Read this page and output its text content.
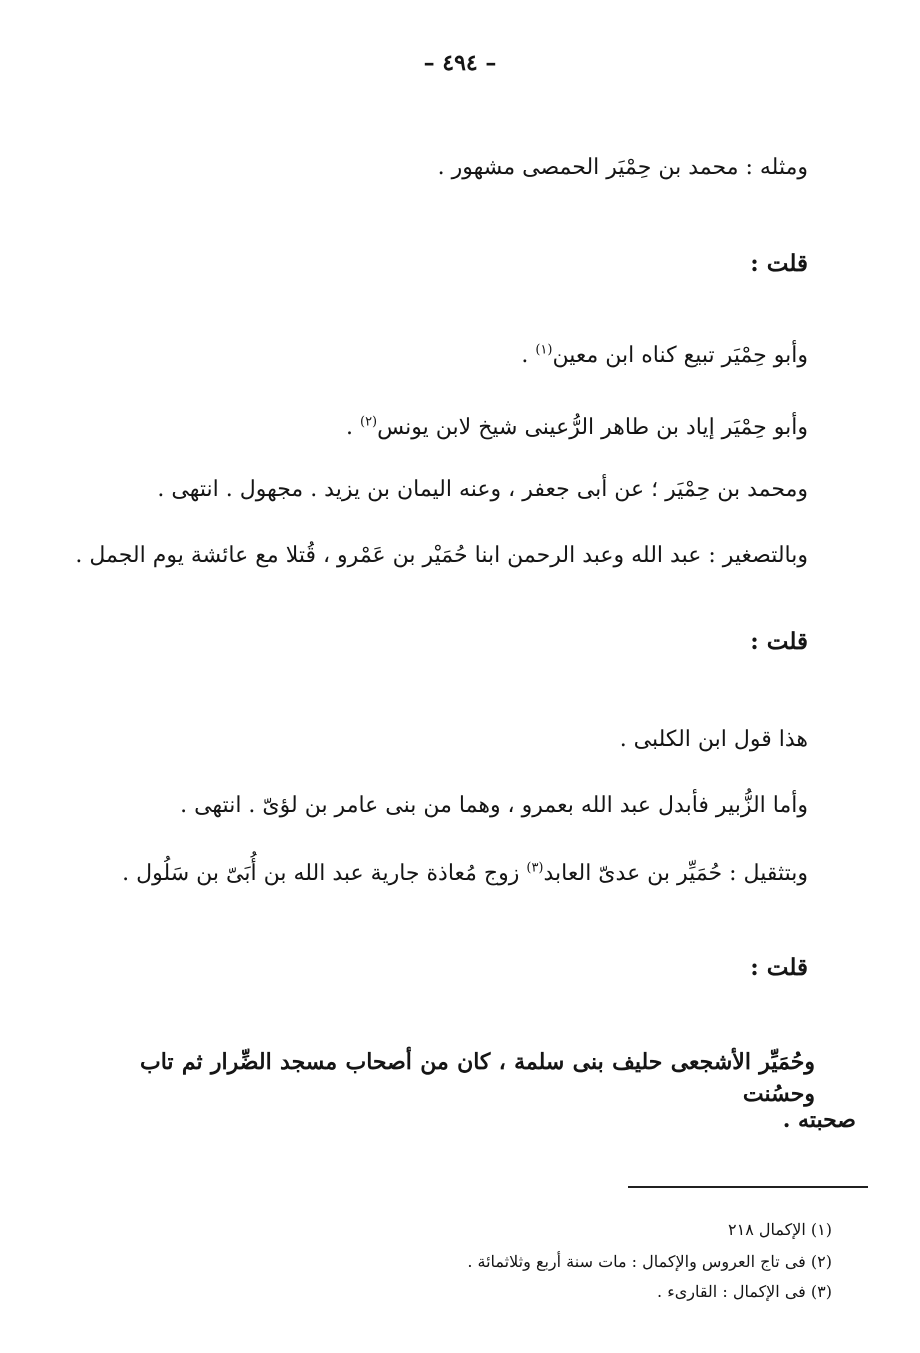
– ٤٩٤ –
ومثله : محمد بن حِمْيَر الحمصى مشهور .
قلت :
وأبو حِمْيَر تبيع كناه ابن معين$^{(١)}$ .
وأبو حِمْيَر إياد بن طاهر الرُّعينى شيخ لابن يونس$^{(٢)}$ .
ومحمد بن حِمْيَر ؛ عن أبى جعفر ، وعنه اليمان بن يزيد . مجهول . انتهى .
وبالتصغير : عبد الله وعبد الرحمن ابنا حُمَيْر بن عَمْرو ، قُتلا مع عائشة يوم الجمل .
قلت :
هذا قول ابن الكلبى .
وأما الزُّبير فأبدل عبد الله بعمرو ، وهما من بنى عامر بن لؤىّ . انتهى .
وبتثقيل : حُمَيِّر بن عدىّ العابد$^{(٣)}$ زوج مُعاذة جارية عبد الله بن أُبَىّ بن سَلُول .
قلت :
وحُمَيِّر الأشجعى حليف بنى سلمة ، كان من أصحاب مسجد الضِّرار ثم تاب وحسُنت
صحبته .
(١) الإكمال ٢١٨
(٢) فى تاج العروس والإكمال : مات سنة أربع وثلاثمائة .
(٣) فى الإكمال : القارىء .
